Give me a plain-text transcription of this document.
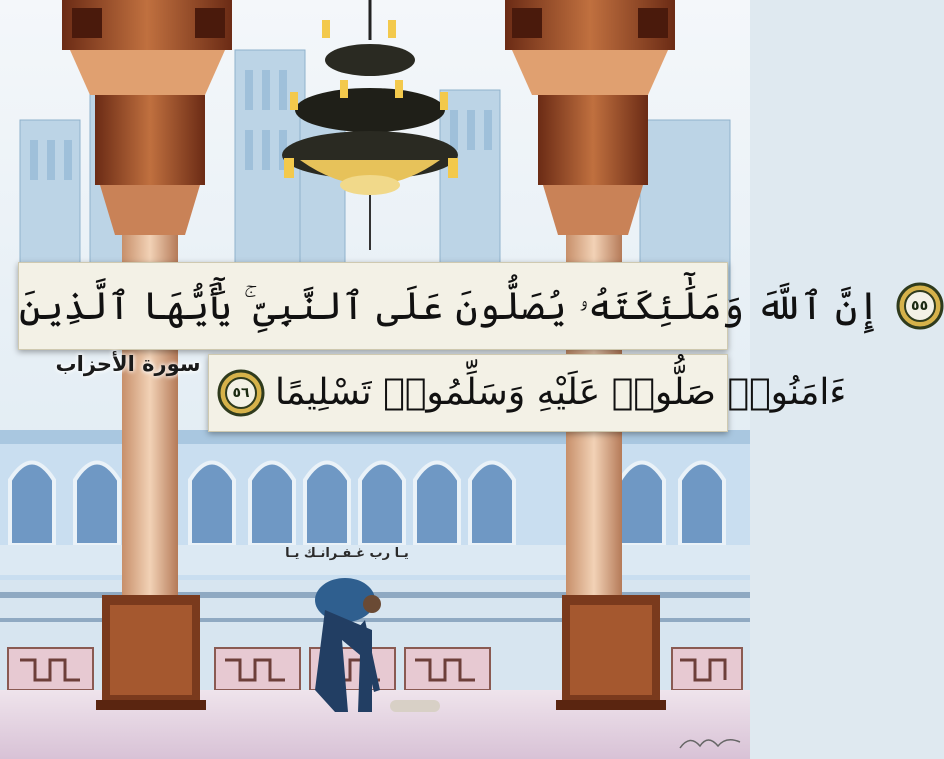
٥٥
إِنَّ ٱللَّهَ وَمَلَٰٓئِكَتَهُۥ يُصَلُّونَ عَلَى ٱلنَّبِىِّ ۚ يَٰٓأَيُّهَا ٱلَّذِينَ
ءَامَنُوا۟ صَلُّوا۟ عَلَيْهِ وَسَلِّمُوا۟ تَسْلِيمًا
٥٦
سورة الأحزاب
يـا رب غـفـرانـك يـا
